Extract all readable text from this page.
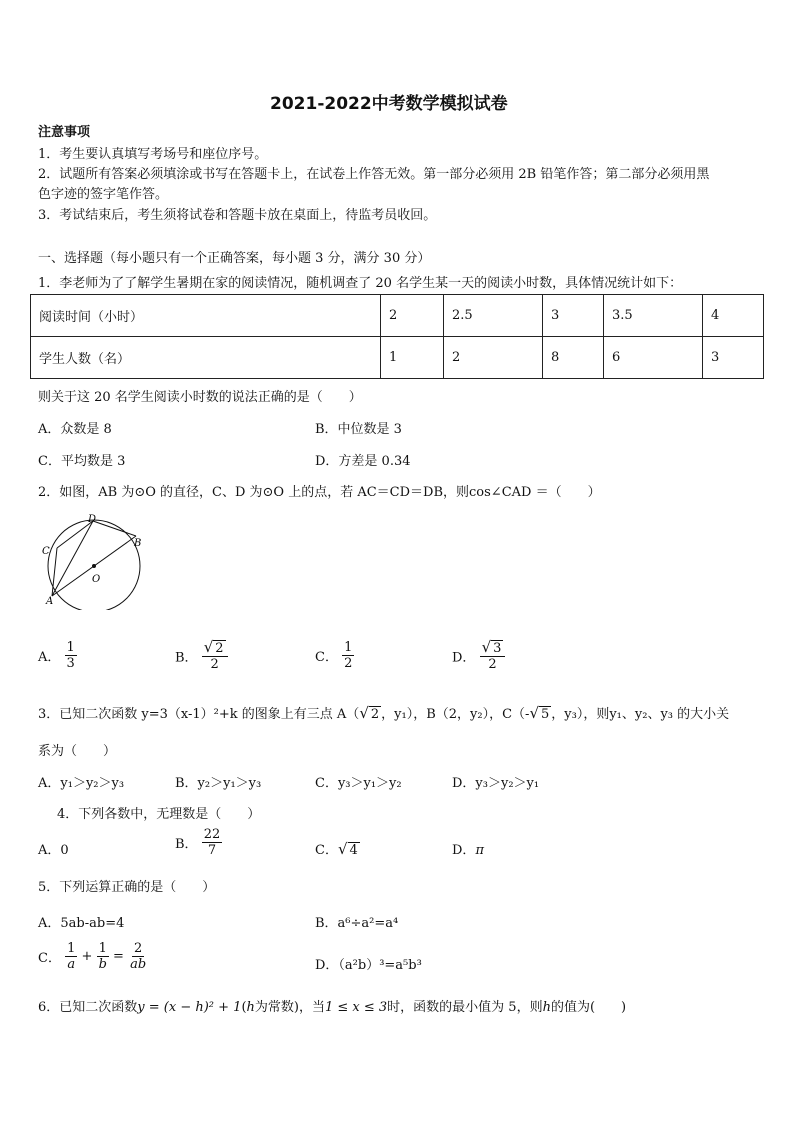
2021-2022中考数学模拟试卷
注意事项
1．考生要认真填写考场号和座位序号。
2．试题所有答案必须填涂或书写在答题卡上，在试卷上作答无效。第一部分必须用 2B 铅笔作答；第二部分必须用黑
色字迹的签字笔作答。
3．考试结束后，考生须将试卷和答题卡放在桌面上，待监考员收回。
一、选择题（每小题只有一个正确答案，每小题 3 分，满分 30 分）
1．李老师为了了解学生暑期在家的阅读情况，随机调查了 20 名学生某一天的阅读小时数，具体情况统计如下：
阅读时间（小时）	2	2.5	3	3.5	4
学生人数（名）	1	2	8	6	3
则关于这 20 名学生阅读小时数的说法正确的是（　　）
A．众数是 8	B．中位数是 3
C．平均数是 3	D．方差是 0.34
2．如图，AB 为⊙O 的直径，C、D 为⊙O 上的点，若 AC＝CD＝DB，则cos∠CAD ＝（　　）
A
B
C
D
O
A． $\frac{1}{3}$	B． $\frac{√ 2}{2}$	C． $\frac{1}{2}$	D． $\frac{√ 3}{2}$
3．已知二次函数 y=3（x-1）²+k 的图象上有三点 A（√ 2 ，y₁），B（2，y₂），C（-√ 5 ，y₃），则y₁、y₂、y₃ 的大小关
系为（　　）
A．y₁＞y₂＞y₃	B．y₂＞y₁＞y₃	C．y₃＞y₁＞y₂	D．y₃＞y₂＞y₁
4．下列各数中，无理数是（　　）
A．0	B． $\frac{22}{7}$	C．√ 4	D．π
5．下列运算正确的是（　　）
A．5ab-ab=4	B．a⁶÷a²=a⁴
C． $\frac{1}{a} + \frac{1}{b} = \frac{2}{ab}$	D．（a²b）³=a⁵b³
6．已知二次函数y = (x − h)² + 1(h为常数)，当1 ≤ x ≤ 3时，函数的最小值为 5，则h的值为(　　)
